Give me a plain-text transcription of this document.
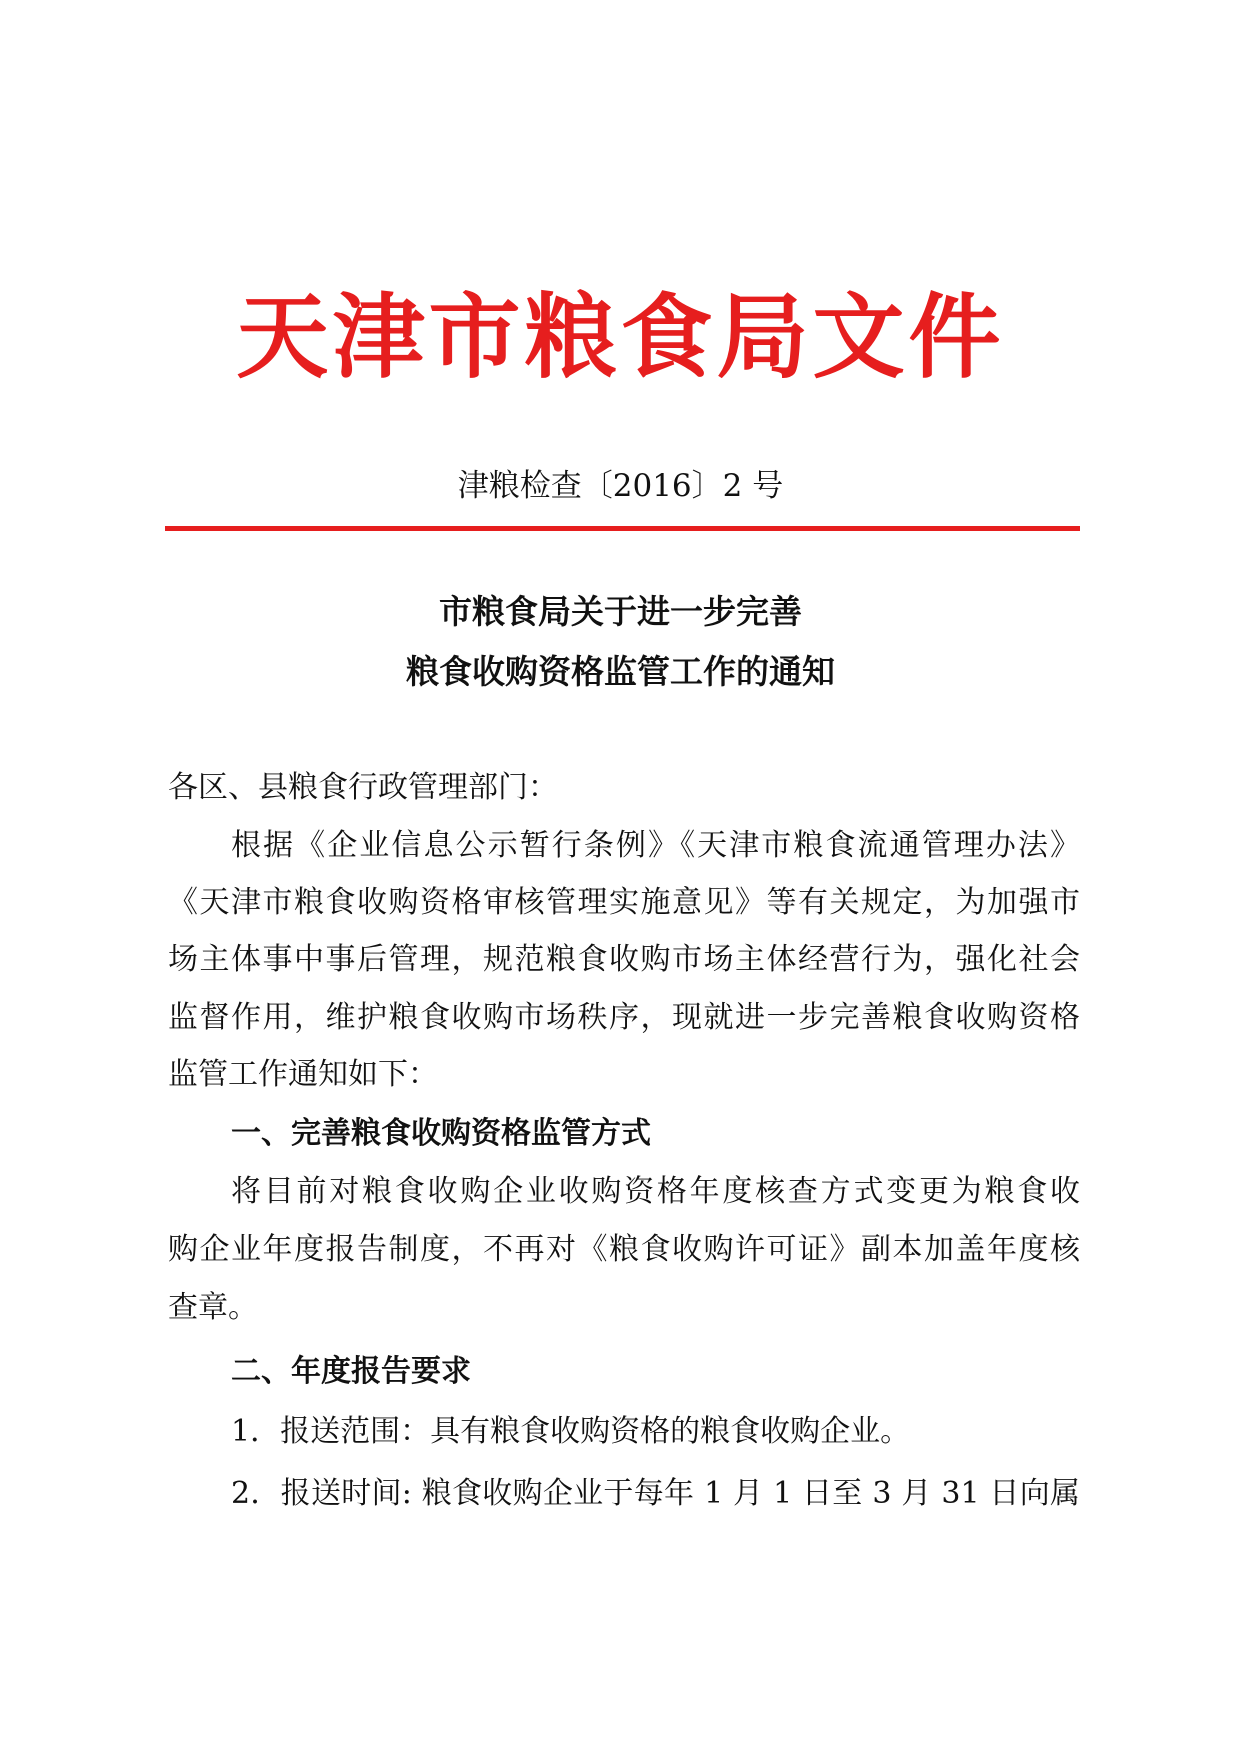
天津市粮食局文件
津粮检查〔2016〕2 号
市粮食局关于进一步完善
粮食收购资格监管工作的通知
各区、县粮食行政管理部门：
根据《企业信息公示暂行条例》《天津市粮食流通管理办法》
《天津市粮食收购资格审核管理实施意见》等有关规定，为加强市
场主体事中事后管理，规范粮食收购市场主体经营行为，强化社会
监督作用，维护粮食收购市场秩序，现就进一步完善粮食收购资格
监管工作通知如下：
一、完善粮食收购资格监管方式
将目前对粮食收购企业收购资格年度核查方式变更为粮食收
购企业年度报告制度，不再对《粮食收购许可证》副本加盖年度核
查章。
二、年度报告要求
1．报送范围：具有粮食收购资格的粮食收购企业。
2．报送时间: 粮食收购企业于每年 1 月 1 日至 3 月 31 日向属
